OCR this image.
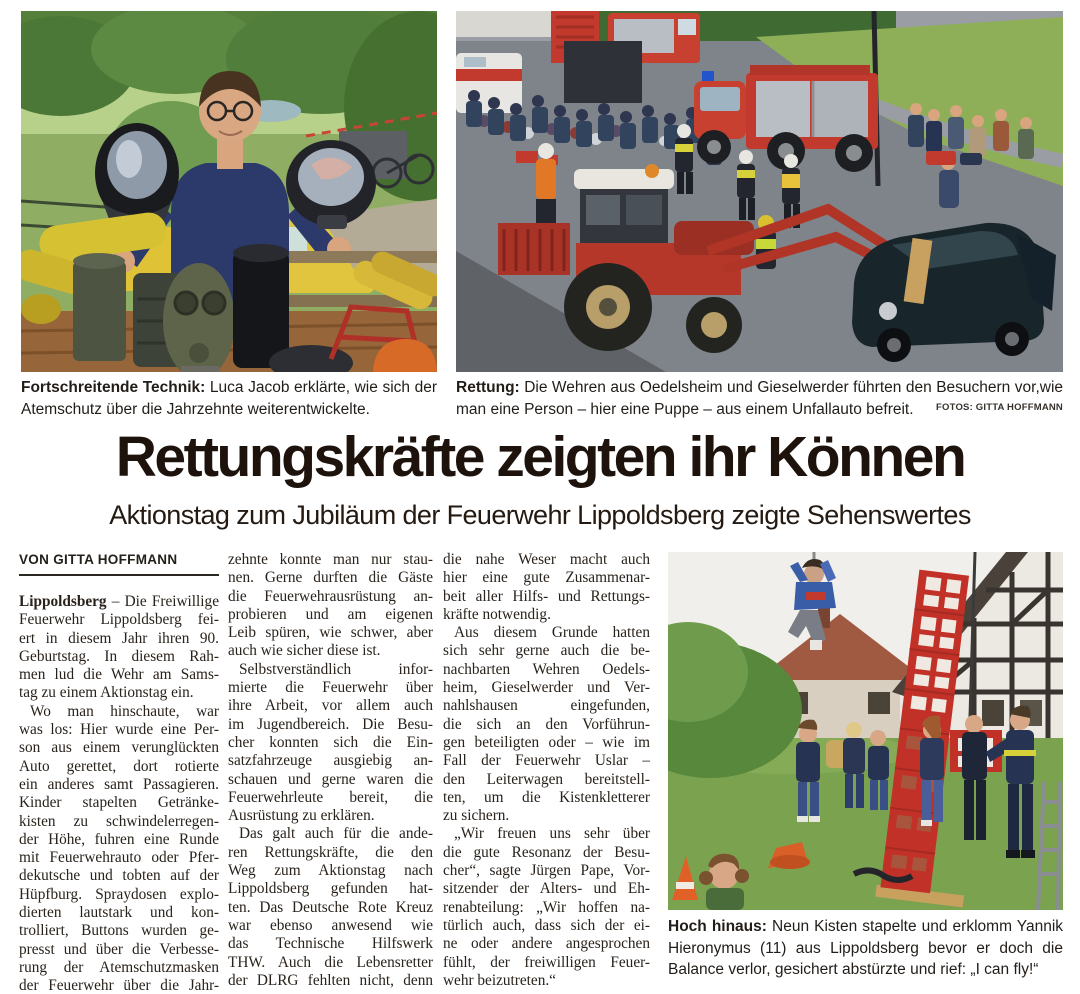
Fortschreitende Technik: Luca Jacob erklärte, wie sich der Atemschutz über die Jahrzehnte weiterentwickelte.
Rettung: Die Wehren aus Oedelsheim und Gieselwerder führten den Besuchern vor,wie man eine Person – hier eine Puppe – aus einem Unfallauto befreit. FOTOS: GITTA HOFFMANN
Rettungskräfte zeigten ihr Können
Aktionstag zum Jubiläum der Feuerwehr Lippoldsberg zeigte Sehenswertes
VON GITTA HOFFMANN
Lippoldsberg – Die Freiwillige
Feuerwehr Lippoldsberg fei-
ert in diesem Jahr ihren 90.
Geburtstag. In diesem Rah-
men lud die Wehr am Sams-
tag zu einem Aktionstag ein.
Wo man hinschaute, war
was los: Hier wurde eine Per-
son aus einem verunglückten
Auto gerettet, dort rotierte
ein anderes samt Passagieren.
Kinder stapelten Getränke-
kisten zu schwindelerregen-
der Höhe, fuhren eine Runde
mit Feuerwehrauto oder Pfer-
dekutsche und tobten auf der
Hüpfburg. Spraydosen explo-
dierten lautstark und kon-
trolliert, Buttons wurden ge-
presst und über die Verbesse-
rung der Atemschutzmasken
der Feuerwehr über die Jahr-
zehnte konnte man nur stau-
nen. Gerne durften die Gäste
die Feuerwehrausrüstung an-
probieren und am eigenen
Leib spüren, wie schwer, aber
auch wie sicher diese ist.
Selbstverständlich infor-
mierte die Feuerwehr über
ihre Arbeit, vor allem auch
im Jugendbereich. Die Besu-
cher konnten sich die Ein-
satzfahrzeuge ausgiebig an-
schauen und gerne waren die
Feuerwehrleute bereit, die
Ausrüstung zu erklären.
Das galt auch für die ande-
ren Rettungskräfte, die den
Weg zum Aktionstag nach
Lippoldsberg gefunden hat-
ten. Das Deutsche Rote Kreuz
war ebenso anwesend wie
das Technische Hilfswerk
THW. Auch die Lebensretter
der DLRG fehlten nicht, denn
die nahe Weser macht auch
hier eine gute Zusammenar-
beit aller Hilfs- und Rettungs-
kräfte notwendig.
Aus diesem Grunde hatten
sich sehr gerne auch die be-
nachbarten Wehren Oedels-
heim, Gieselwerder und Ver-
nahlshausen eingefunden,
die sich an den Vorführun-
gen beteiligten oder – wie im
Fall der Feuerwehr Uslar –
den Leiterwagen bereitstell-
ten, um die Kistenkletterer
zu sichern.
„Wir freuen uns sehr über
die gute Resonanz der Besu-
cher“, sagte Jürgen Pape, Vor-
sitzender der Alters- und Eh-
renabteilung: „Wir hoffen na-
türlich auch, dass sich der ei-
ne oder andere angesprochen
fühlt, der freiwilligen Feuer-
wehr beizutreten.“
Hoch hinaus: Neun Kisten stapelte und erklomm Yannik Hieronymus (11) aus Lippoldsberg bevor er doch die Balance verlor, gesichert abstürzte und rief: „I can fly!“
